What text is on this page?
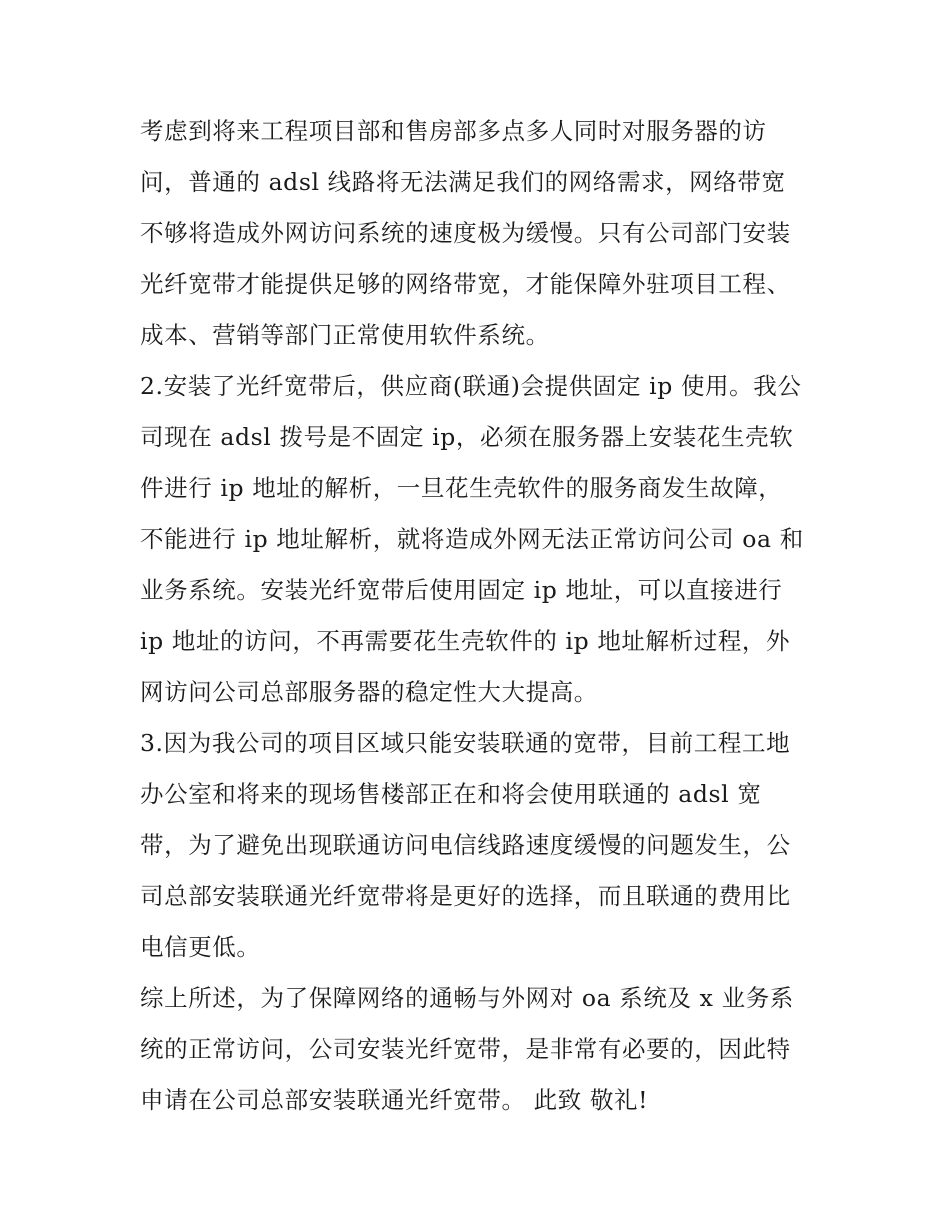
考虑到将来工程项目部和售房部多点多人同时对服务器的访
问，普通的 adsl 线路将无法满足我们的网络需求，网络带宽
不够将造成外网访问系统的速度极为缓慢。只有公司部门安装
光纤宽带才能提供足够的网络带宽，才能保障外驻项目工程、
成本、营销等部门正常使用软件系统。
2.安装了光纤宽带后，供应商(联通)会提供固定 ip 使用。我公
司现在 adsl 拨号是不固定 ip，必须在服务器上安装花生壳软
件进行 ip 地址的解析，一旦花生壳软件的服务商发生故障，
不能进行 ip 地址解析，就将造成外网无法正常访问公司 oa 和
业务系统。安装光纤宽带后使用固定 ip 地址，可以直接进行
ip 地址的访问，不再需要花生壳软件的 ip 地址解析过程，外
网访问公司总部服务器的稳定性大大提高。
3.因为我公司的项目区域只能安装联通的宽带，目前工程工地
办公室和将来的现场售楼部正在和将会使用联通的 adsl 宽
带，为了避免出现联通访问电信线路速度缓慢的问题发生，公
司总部安装联通光纤宽带将是更好的选择，而且联通的费用比
电信更低。
综上所述，为了保障网络的通畅与外网对 oa 系统及 x 业务系
统的正常访问，公司安装光纤宽带，是非常有必要的，因此特
申请在公司总部安装联通光纤宽带。 此致 敬礼!
